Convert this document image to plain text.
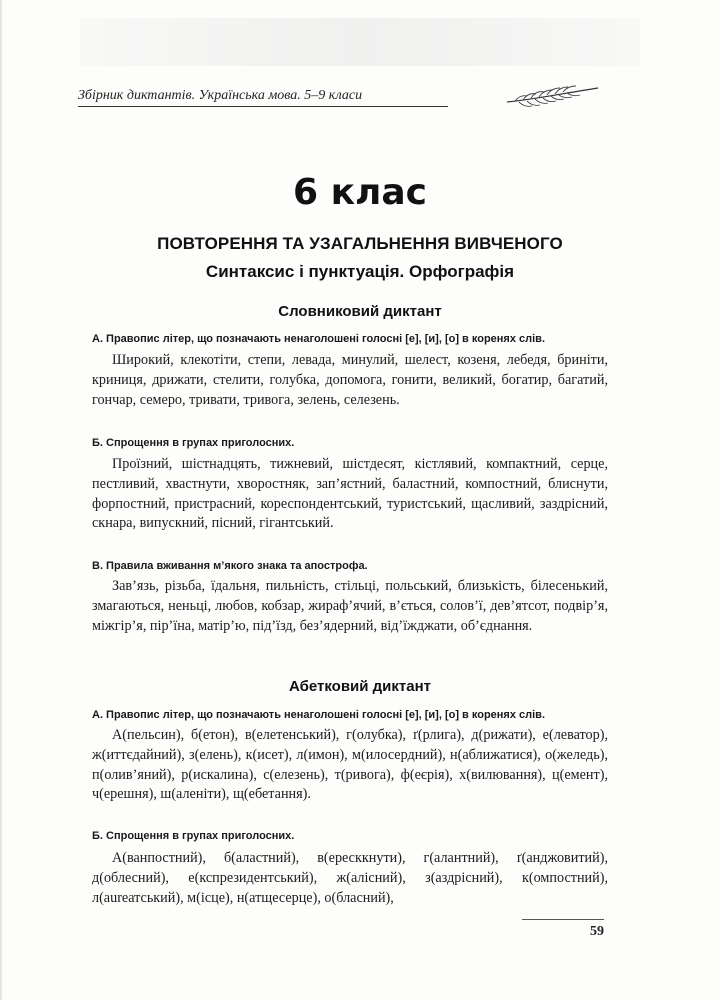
Збірник диктантів. Українська мова. 5–9 класи
6 клас
ПОВТОРЕННЯ ТА УЗАГАЛЬНЕННЯ ВИВЧЕНОГО
Синтаксис і пунктуація. Орфографія
Словниковий диктант
А. Правопис літер, що позначають ненаголошені голосні [е], [и], [о] в коренях слів.
Широкий, клекотіти, степи, левада, минулий, шелест, козеня, лебедя, бриніти, криниця, дрижати, стелити, голубка, допомога, гонити, великий, богатир, багатий, гончар, семеро, тривати, тривога, зелень, селезень.
Б. Спрощення в групах приголосних.
Проїзний, шістнадцять, тижневий, шістдесят, кістлявий, компактний, серце, пестливий, хвастнути, хворостняк, зап’ястний, баластний, компостний, блиснути, форпостний, пристрасний, кореспондентський, туристський, щасливий, заздрісний, скнара, випускний, пісний, гігантський.
В. Правила вживання м’якого знака та апострофа.
Зав’язь, різьба, їдальня, пильність, стільці, польський, близькість, білесенький, змагаються, неньці, любов, кобзар, жираф’ячий, в’ється, солов’ї, дев’ятсот, подвір’я, міжгір’я, пір’їна, матір’ю, під’їзд, без’ядерний, від’їжджати, об’єднання.
Абетковий диктант
А. Правопис літер, що позначають ненаголошені голосні [е], [и], [о] в коренях слів.
А(пельсин), б(етон), в(елетенський), г(олубка), ґ(рлига), д(рижати), е(леватор), ж(иттєдайний), з(елень), к(исет), л(имон), м(илосердний), н(аближатися), о(желедь), п(олив’яний), р(искалина), с(елезень), т(ривога), ф(еєрія), х(вилювання), ц(емент), ч(ерешня), ш(аленіти), щ(ебетання).
Б. Спрощення в групах приголосних.
А(ванпостний), б(аластний), в(ересккнути), г(алантний), ґ(анджовитий), д(облесний), е(кспрезидентський), ж(алісний), з(аздрісний), к(омпостний), л(аureатський), м(ісце), н(атщесерце), о(бласний),
59
